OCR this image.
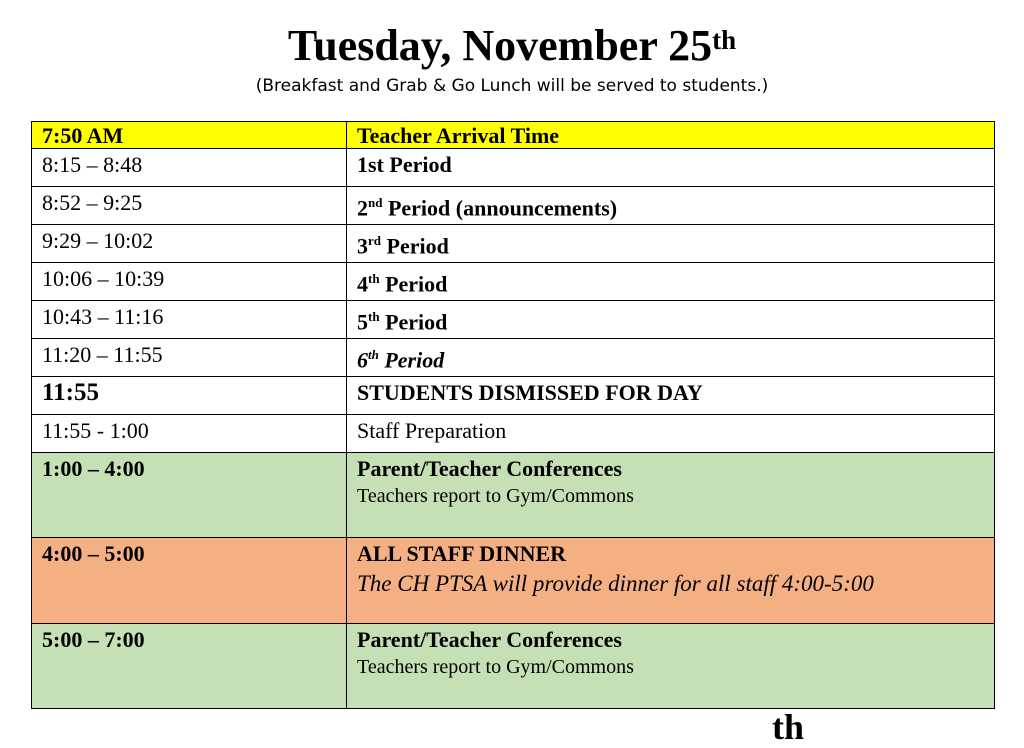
Tuesday, November 25th
(Breakfast and Grab & Go Lunch will be served to students.)
7:50 AM	Teacher Arrival Time
8:15 – 8:48	1st Period
8:52 – 9:25	2nd Period (announcements)
9:29 – 10:02	3rd Period
10:06 – 10:39	4th Period
10:43 – 11:16	5th Period
11:20 – 11:55	6th Period
11:55	STUDENTS DISMISSED FOR DAY
11:55 - 1:00	Staff Preparation
1:00 – 4:00	Parent/Teacher Conferences
Teachers report to Gym/Commons

4:00 – 5:00	ALL STAFF DINNER
The CH PTSA will provide dinner for all staff 4:00-5:00

5:00 – 7:00	Parent/Teacher Conferences
Teachers report to Gym/Commons
th
